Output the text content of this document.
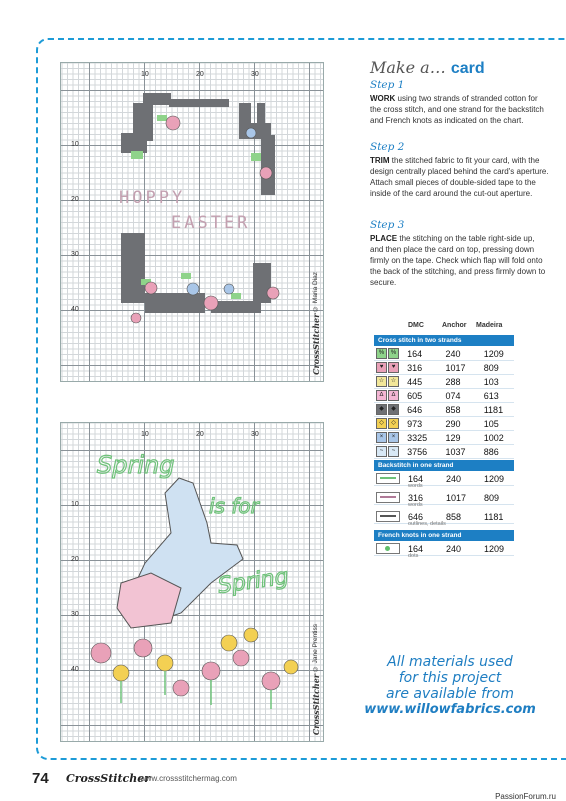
10	20	30
10
20
30
40
HOPPY
EASTER
CrossStitcher © Maria Diaz
10	20	30
10
20
30
40
Spring
is for
Spring
CrossStitcher © Jane Prentiss
Make a… card
Step 1
WORK using two strands of stranded cotton for the cross stitch, and one strand for the backstitch and French knots as indicated on the chart.
Step 2
TRIM the stitched fabric to fit your card, with the design centrally placed behind the card's aperture. Attach small pieces of double-sided tape to the inside of the card around the cut-out aperture.
Step 3
PLACE the stitching on the table right-side up, and then place the card on top, pressing down firmly on the tape. Check which flap will fold onto the back of the stitching, and press firmly down to secure.
DMC	Anchor	Madeira
Cross stitch in two strands
%	%	164	240	1209
♥	♥	316	1017	809
☆	☆	445	288	103
∆	∆	605	074	613
◆	◆	646	858	1181
◇	◇	973	290	105
×	×	3325	129	1002
~	~	3756	1037	886
Backstitch in one strand
164	240	1209
words
316	1017	809
words
646	858	1181
outlines, details
French knots in one strand
164	240	1209
dots
All materials used
for this project
are available from
www.willowfabrics.com
74 CrossStitcher
www.crossstitchermag.com
PassionForum.ru
